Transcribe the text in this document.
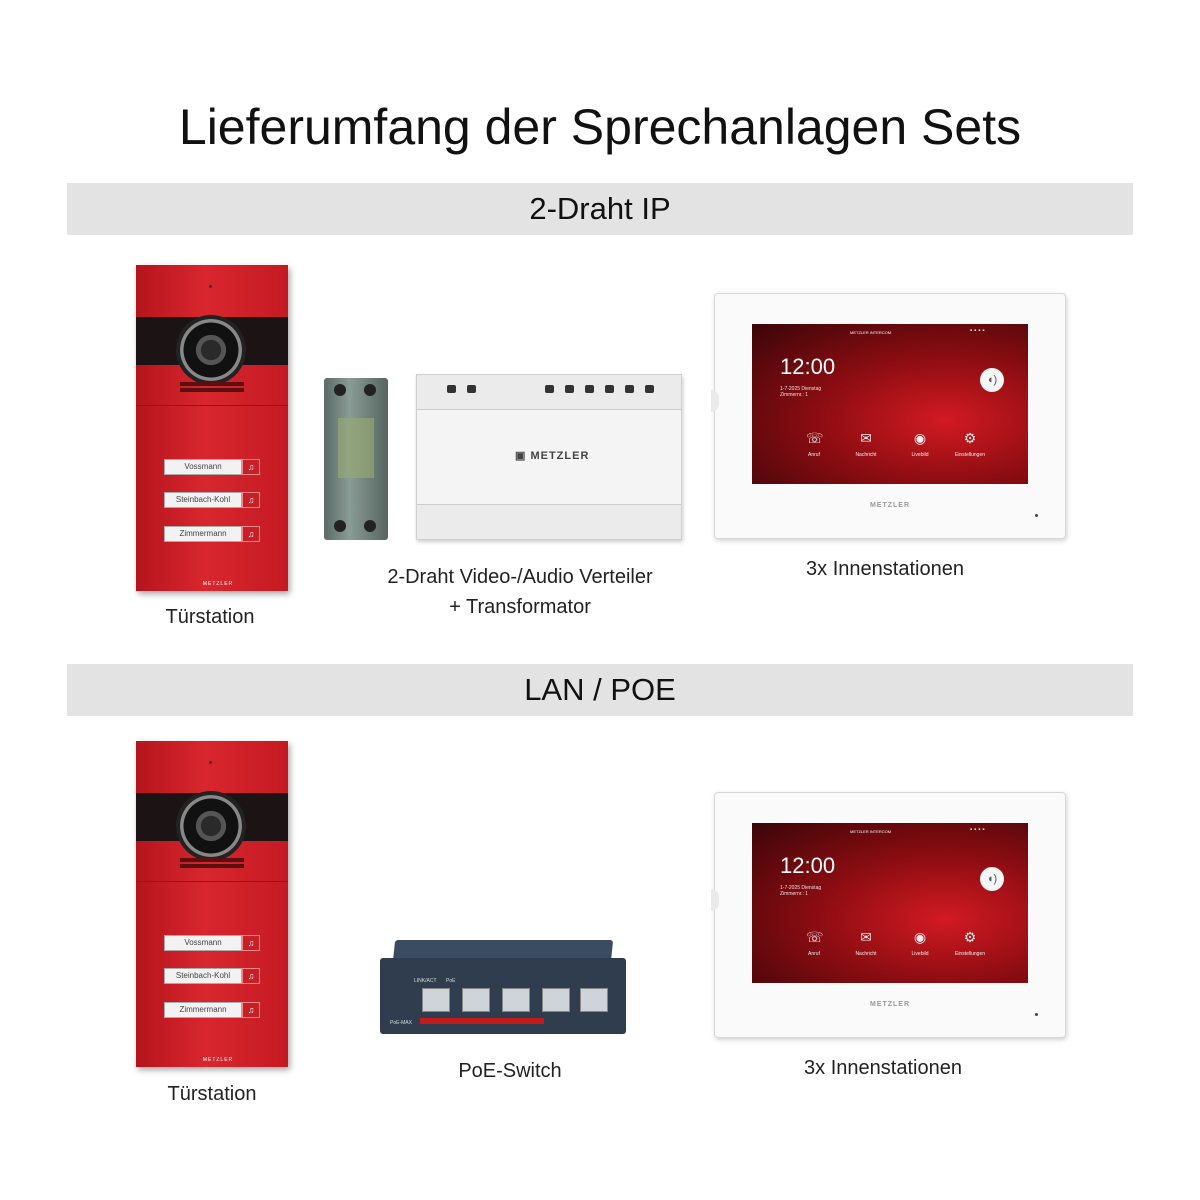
Lieferumfang der Sprechanlagen Sets
2-Draht IP
Vossmann	♫
Steinbach-Kohl	♫
Zimmermann	♫
METZLER
Türstation
▣ METZLER
2-Draht Video-/Audio Verteiler
+ Transformator
METZLER INTERCOM	▪▪▪▪
12:00
1-7-2025 Dienstag
Zimmernr.: 1
◖)
☏	✉	◉	⚙
Anruf	Nachricht	Livebild	Einstellungen
METZLER
3x Innenstationen
LAN / POE
Vossmann	♫
Steinbach-Kohl	♫
Zimmermann	♫
METZLER
Türstation
LINK/ACT PoE
PoE-MAX
PoE-Switch
METZLER INTERCOM	▪▪▪▪
12:00
1-7-2025 Dienstag
Zimmernr.: 1
◖)
☏	✉	◉	⚙
Anruf	Nachricht	Livebild	Einstellungen
METZLER
3x Innenstationen
